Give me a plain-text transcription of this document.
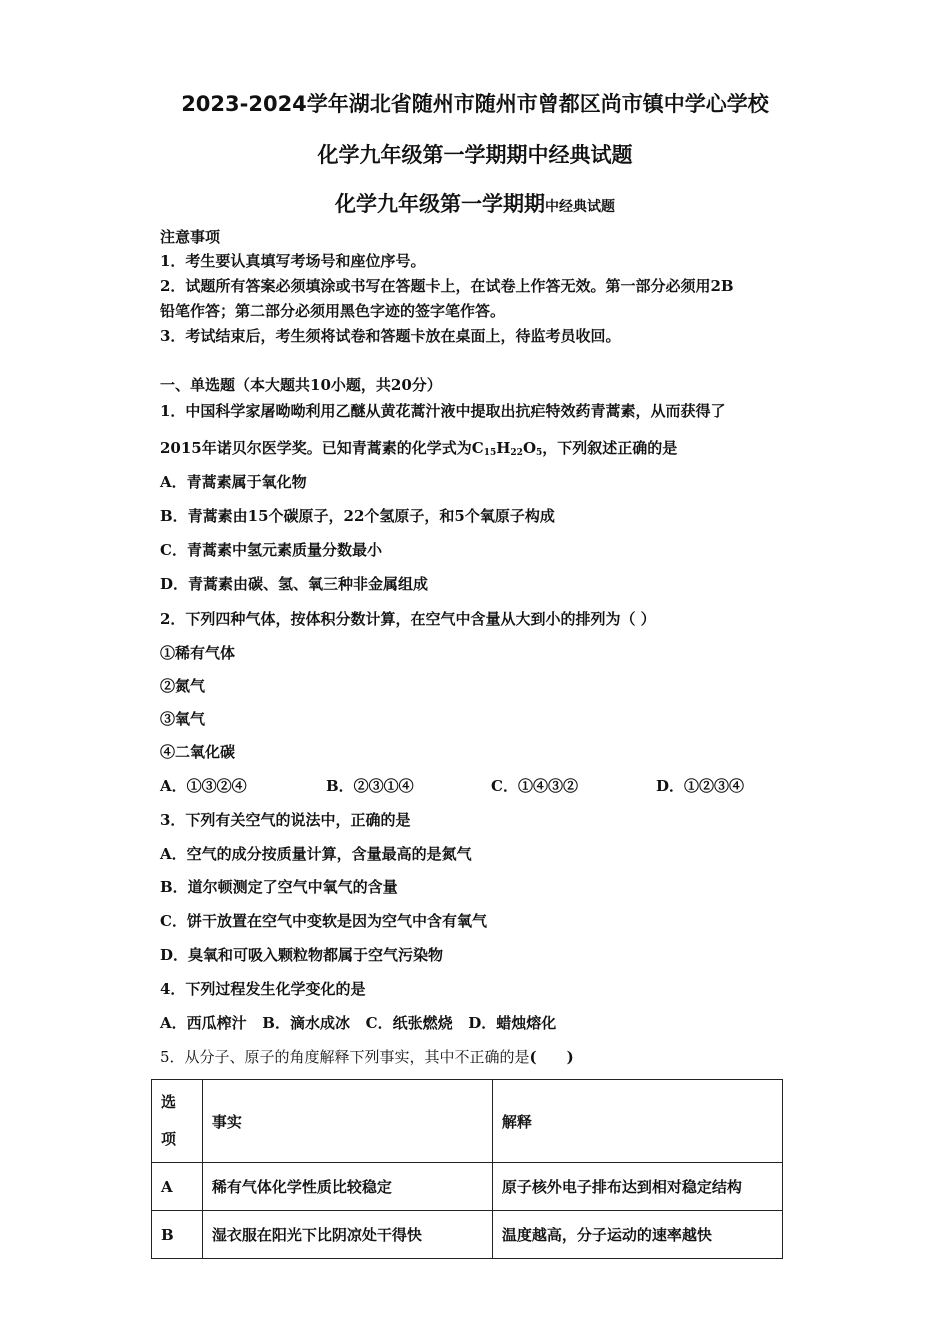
2023-2024学年湖北省随州市随州市曾都区尚市镇中学心学校
化学九年级第一学期期中经典试题
化学九年级第一学期期中经典试题
注意事项
1．考生要认真填写考场号和座位序号。
2．试题所有答案必须填涂或书写在答题卡上，在试卷上作答无效。第一部分必须用2B
铅笔作答；第二部分必须用黑色字迹的签字笔作答。
3．考试结束后，考生须将试卷和答题卡放在桌面上，待监考员收回。
一、单选题（本大题共10小题，共20分）
1．中国科学家屠呦呦利用乙醚从黄花蒿汁液中提取出抗疟特效药青蒿素，从而获得了
2015年诺贝尔医学奖。已知青蒿素的化学式为$C_{15}H_{22}O_5$，下列叙述正确的是
A．青蒿素属于氧化物
B．青蒿素由15个碳原子，22个氢原子，和5个氧原子构成
C．青蒿素中氢元素质量分数最小
D．青蒿素由碳、氢、氧三种非金属组成
2．下列四种气体，按体积分数计算，在空气中含量从大到小的排列为（ ）
①稀有气体
②氮气
③氧气
④二氧化碳
A．①③②④	B．②③①④	C．①④③②	D．①②③④
3．下列有关空气的说法中，正确的是
A．空气的成分按质量计算，含量最高的是氮气
B．道尔顿测定了空气中氧气的含量
C．饼干放置在空气中变软是因为空气中含有氧气
D．臭氧和可吸入颗粒物都属于空气污染物
4．下列过程发生化学变化的是
A．西瓜榨汁   B．滴水成冰   C．纸张燃烧   D．蜡烛熔化
5．从分子、原子的角度解释下列事实，其中不正确的是(　　)
选
项	事实	解释
A	稀有气体化学性质比较稳定	原子核外电子排布达到相对稳定结构
B	湿衣服在阳光下比阴凉处干得快	温度越高，分子运动的速率越快
